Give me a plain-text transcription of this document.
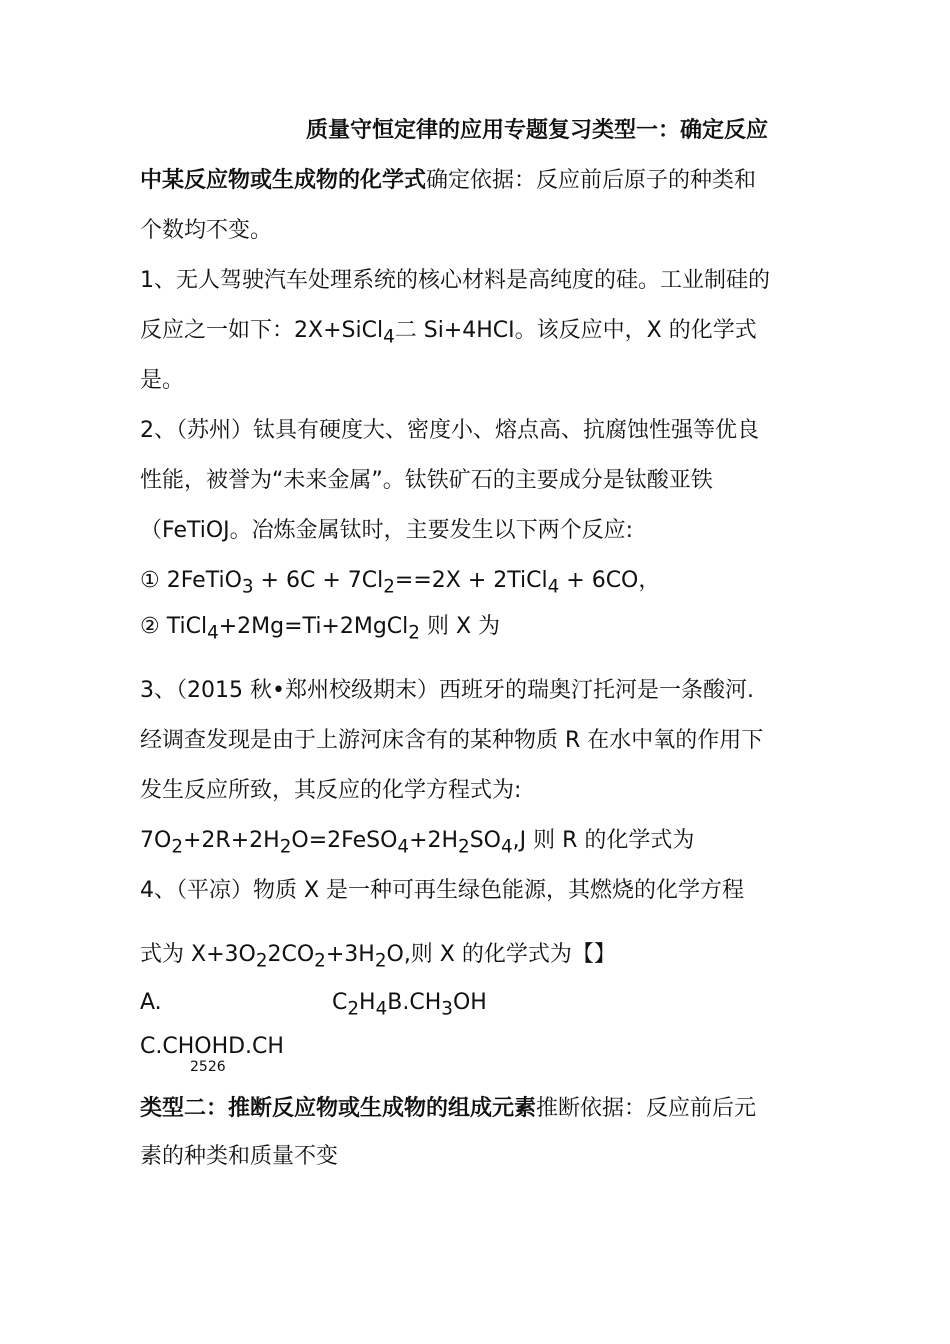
质量守恒定律的应用专题复习类型一：确定反应
中某反应物或生成物的化学式确定依据：反应前后原子的种类和
个数均不变。
1、无人驾驶汽车处理系统的核心材料是高纯度的硅。工业制硅的
反应之一如下：2X+SiCl$_4$二 Si+4HCI。该反应中，X 的化学式
是。
2、（苏州）钛具有硬度大、密度小、熔点高、抗腐蚀性强等优良
性能，被誉为“未来金属”。钛铁矿石的主要成分是钛酸亚铁
（FeTiOJ。冶炼金属钛时，主要发生以下两个反应:
① 2FeTiO$_3$ + $6C + 7Cl_2==2X$ + 2TiCl$_4$ + 6CO，
② TiCl$_4$+2Mg=Ti+2MgCl$_2$ 则 X 为
3、（2015 秋•郑州校级期末）西班牙的瑞奥汀托河是一条酸河.
经调查发现是由于上游河床含有的某种物质 R 在水中氧的作用下
发生反应所致，其反应的化学方程式为:
$7O_2+2R+2H_2O=2FeSO_4+2H_2SO_4,J$ 则 R 的化学式为
4、（平凉）物质 X 是一种可再生绿色能源，其燃烧的化学方程
式为 $X+3O_22CO_2+3H_2O$,则 X 的化学式为【】
A.	$C_2H_4B.CH_3OH$
C.CHOHD.CH
2526
类型二：推断反应物或生成物的组成元素推断依据：反应前后元
素的种类和质量不变
